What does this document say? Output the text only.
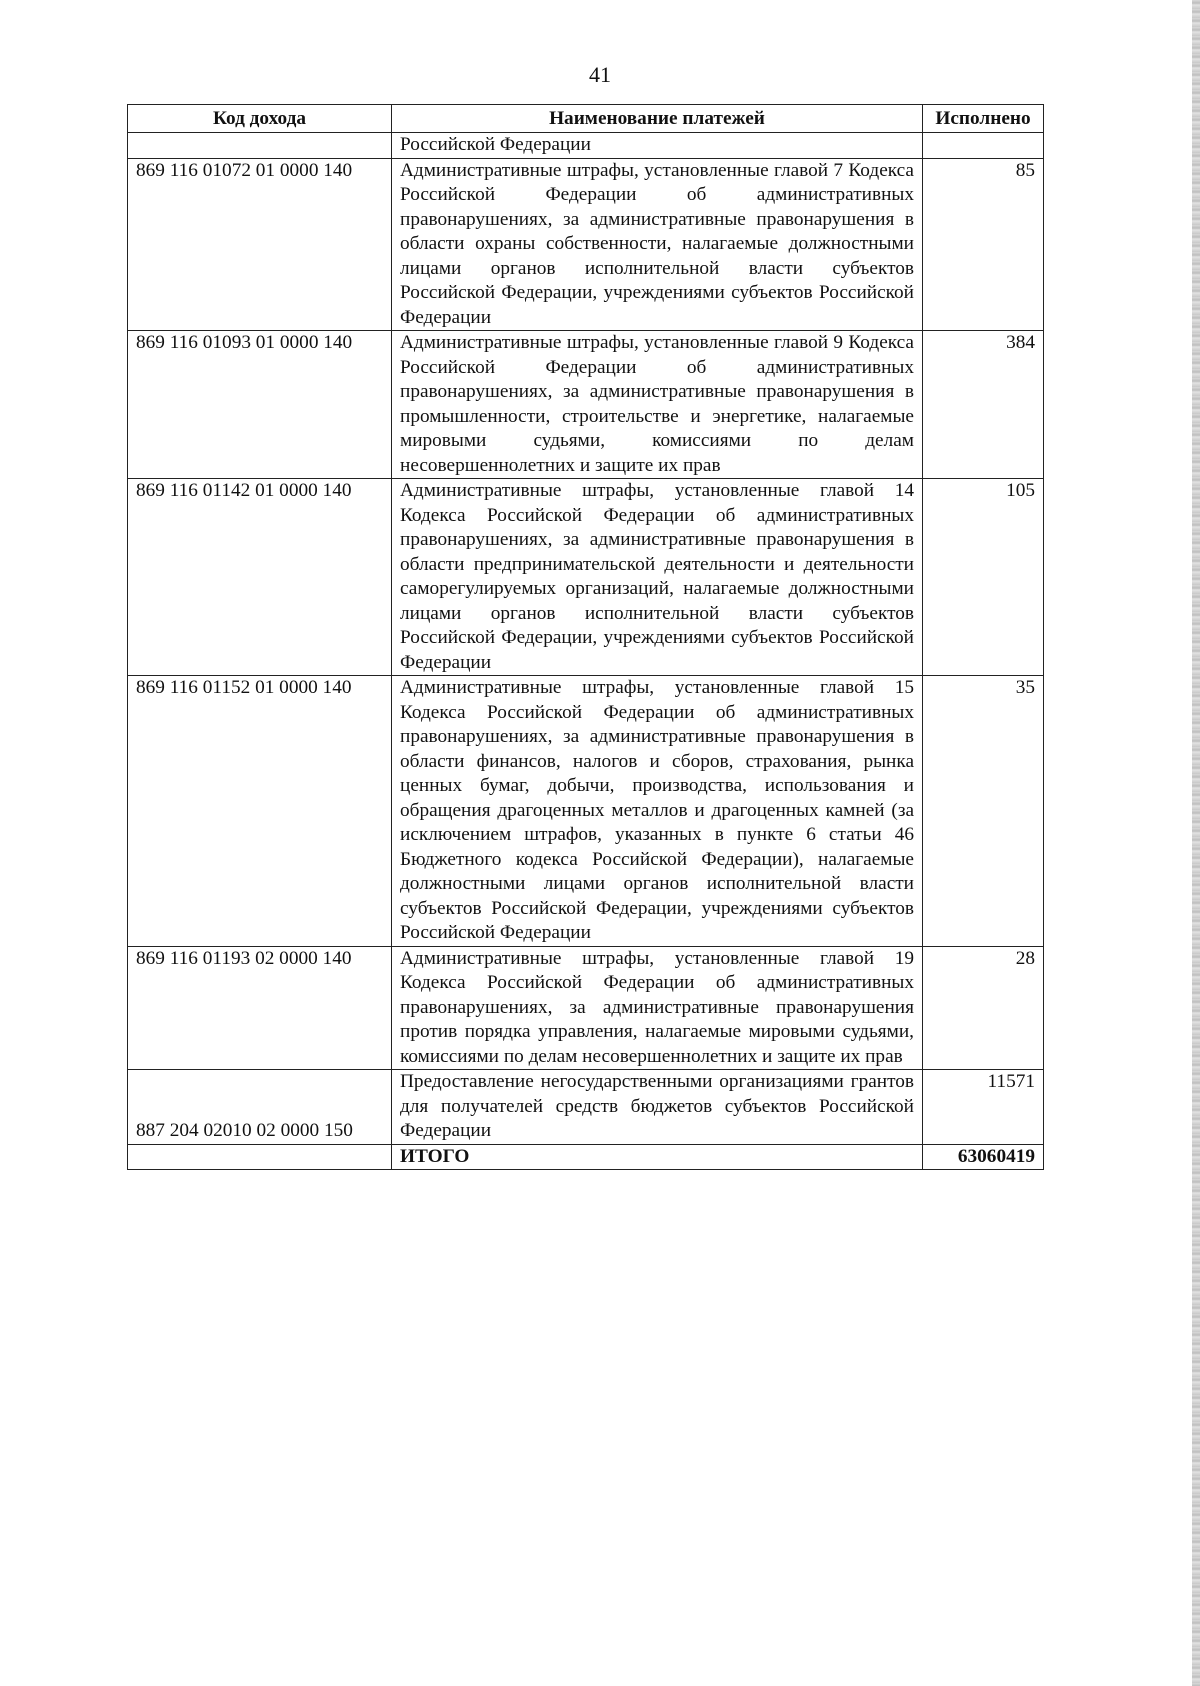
41
Код дохода	Наименование платежей	Исполнено
	Российской Федерации	
869 116 01072 01 0000 140	Административные штрафы, установленные главой 7 Кодекса Российской Федерации об административных правонарушениях, за административные правонарушения в области охраны собственности, налагаемые должностными лицами органов исполнительной власти субъектов Российской Федерации, учреждениями субъектов Российской Федерации	85
869 116 01093 01 0000 140	Административные штрафы, установленные главой 9 Кодекса Российской Федерации об административных правонарушениях, за административные правонарушения в промышленности, строительстве и энергетике, налагаемые мировыми судьями, комиссиями по делам несовершеннолетних и защите их прав	384
869 116 01142 01 0000 140	Административные штрафы, установленные главой 14 Кодекса Российской Федерации об административных правонарушениях, за административные правонарушения в области предпринимательской деятельности и деятельности саморегулируемых организаций, налагаемые должностными лицами органов исполнительной власти субъектов Российской Федерации, учреждениями субъектов Российской Федерации	105
869 116 01152 01 0000 140	Административные штрафы, установленные главой 15 Кодекса Российской Федерации об административных правонарушениях, за административные правонарушения в области финансов, налогов и сборов, страхования, рынка ценных бумаг, добычи, производства, использования и обращения драгоценных металлов и драгоценных камней (за исключением штрафов, указанных в пункте 6 статьи 46 Бюджетного кодекса Российской Федерации), налагаемые должностными лицами органов исполнительной власти субъектов Российской Федерации, учреждениями субъектов Российской Федерации	35
869 116 01193 02 0000 140	Административные штрафы, установленные главой 19 Кодекса Российской Федерации об административных правонарушениях, за административные правонарушения против порядка управления, налагаемые мировыми судьями, комиссиями по делам несовершеннолетних и защите их прав	28
887 204 02010 02 0000 150	Предоставление негосударственными организациями грантов для получателей средств бюджетов субъектов Российской Федерации	11571
	ИТОГО	63060419
